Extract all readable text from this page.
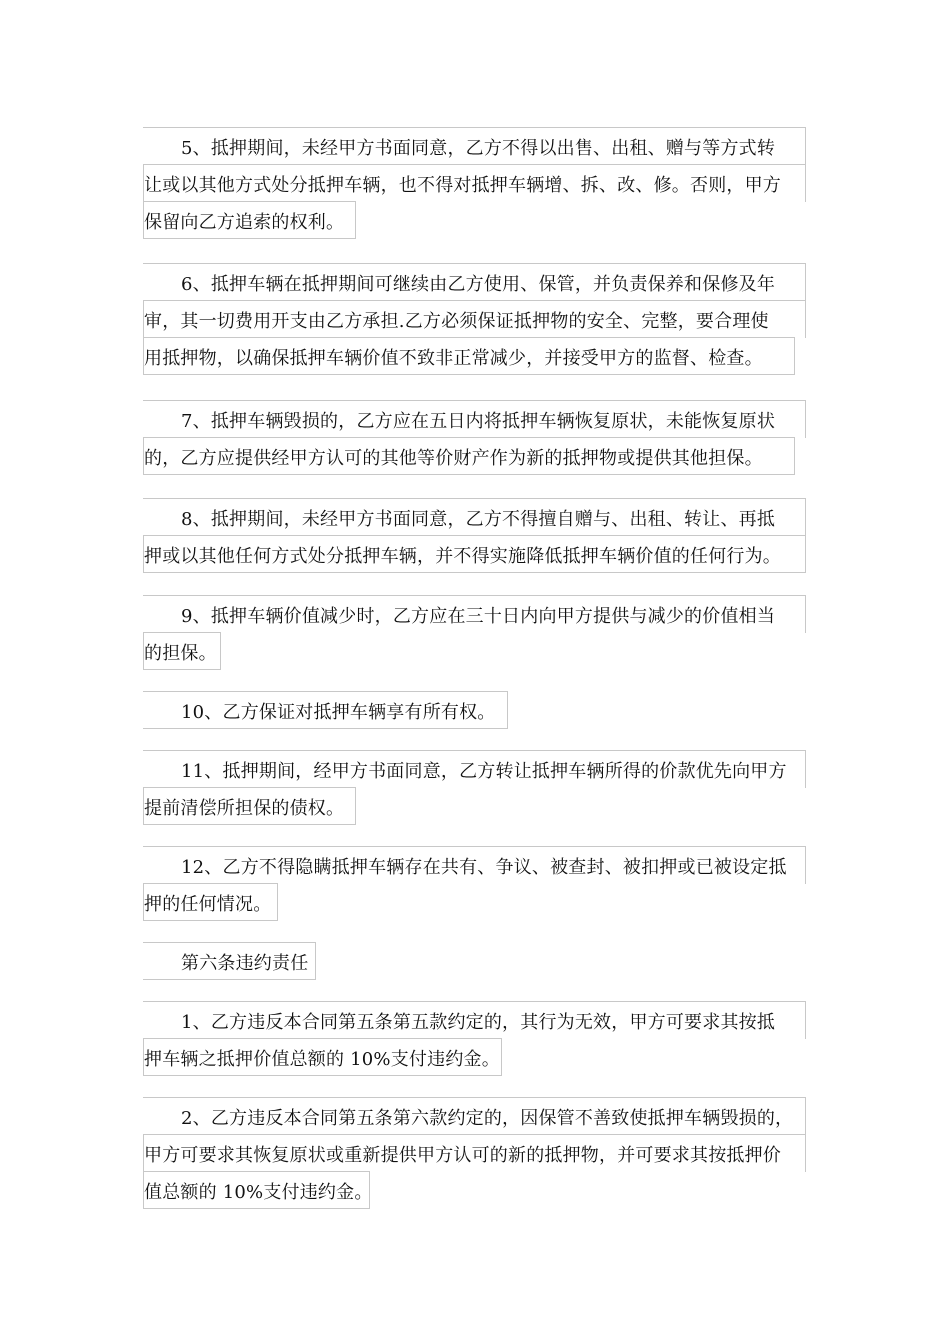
5、抵押期间，未经甲方书面同意，乙方不得以出售、出租、赠与等方式转
让或以其他方式处分抵押车辆，也不得对抵押车辆增、拆、改、修。否则，甲方
保留向乙方追索的权利。
6、抵押车辆在抵押期间可继续由乙方使用、保管，并负责保养和保修及年
审，其一切费用开支由乙方承担.乙方必须保证抵押物的安全、完整，要合理使
用抵押物，以确保抵押车辆价值不致非正常减少，并接受甲方的监督、检查。
7、抵押车辆毁损的，乙方应在五日内将抵押车辆恢复原状，未能恢复原状
的，乙方应提供经甲方认可的其他等价财产作为新的抵押物或提供其他担保。
8、抵押期间，未经甲方书面同意，乙方不得擅自赠与、出租、转让、再抵
押或以其他任何方式处分抵押车辆，并不得实施降低抵押车辆价值的任何行为。
9、抵押车辆价值减少时，乙方应在三十日内向甲方提供与减少的价值相当
的担保。
10、乙方保证对抵押车辆享有所有权。
11、抵押期间，经甲方书面同意，乙方转让抵押车辆所得的价款优先向甲方
提前清偿所担保的债权。
12、乙方不得隐瞒抵押车辆存在共有、争议、被查封、被扣押或已被设定抵
押的任何情况。
第六条违约责任
1、乙方违反本合同第五条第五款约定的，其行为无效，甲方可要求其按抵
押车辆之抵押价值总额的 10%支付违约金。
2、乙方违反本合同第五条第六款约定的，因保管不善致使抵押车辆毁损的，
甲方可要求其恢复原状或重新提供甲方认可的新的抵押物，并可要求其按抵押价
值总额的 10%支付违约金。
